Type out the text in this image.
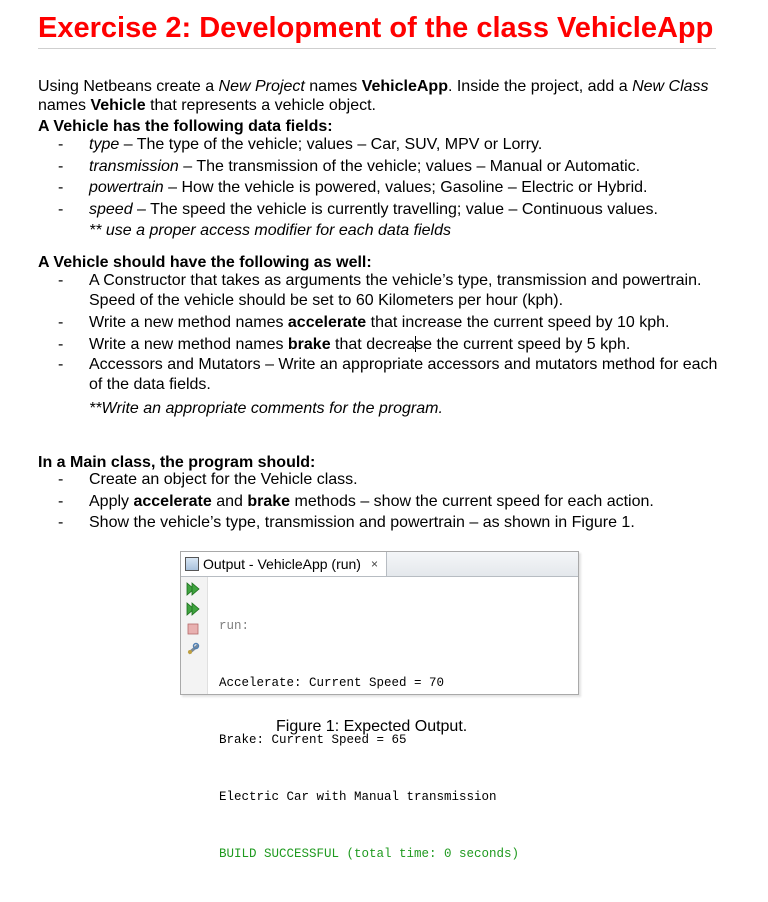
Exercise 2: Development of the class VehicleApp
Using Netbeans create a New Project names VehicleApp. Inside the project, add a New Class names Vehicle that represents a vehicle object.
A Vehicle has the following data fields:
- type – The type of the vehicle; values – Car, SUV, MPV or Lorry.
- transmission – The transmission of the vehicle; values – Manual or Automatic.
- powertrain – How the vehicle is powered, values; Gasoline – Electric or Hybrid.
- speed – The speed the vehicle is currently travelling; value – Continuous values.
** use a proper access modifier for each data fields
A Vehicle should have the following as well:
- A Constructor that takes as arguments the vehicle’s type, transmission and powertrain. Speed of the vehicle should be set to 60 Kilometers per hour (kph).
- Write a new method names accelerate that increase the current speed by 10 kph.
- Write a new method names brake that decrease the current speed by 5 kph.
- Accessors and Mutators – Write an appropriate accessors and mutators method for each of the data fields.
**Write an appropriate comments for the program.
In a Main class, the program should:
- Create an object for the Vehicle class.
- Apply accelerate and brake methods – show the current speed for each action.
- Show the vehicle’s type, transmission and powertrain – as shown in Figure 1.
Output - VehicleApp (run) ×

run:

Accelerate: Current Speed = 70

Brake: Current Speed = 65

Electric Car with Manual transmission

BUILD SUCCESSFUL (total time: 0 seconds)

Figure 1: Expected Output.
